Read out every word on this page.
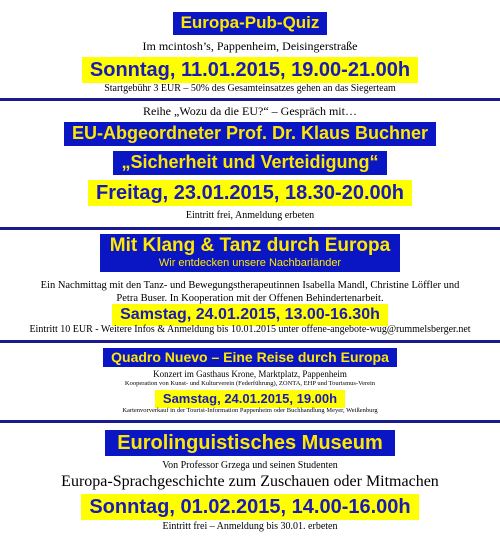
Europa-Pub-Quiz
Im mcintosh’s, Pappenheim, Deisingerstraße
Sonntag, 11.01.2015, 19.00-21.00h
Startgebühr 3 EUR – 50% des Gesamteinsatzes gehen an das Siegerteam
Reihe „Wozu da die EU?“ – Gespräch mit…
EU-Abgeordneter Prof. Dr. Klaus Buchner
„Sicherheit und Verteidigung“
Freitag, 23.01.2015, 18.30-20.00h
Eintritt frei, Anmeldung erbeten
Mit Klang & Tanz durch Europa
Wir entdecken unsere Nachbarländer
Ein Nachmittag mit den Tanz- und Bewegungstherapeutinnen Isabella Mandl, Christine Löffler und Petra Buser. In Kooperation mit der Offenen Behindertenarbeit.
Samstag, 24.01.2015, 13.00-16.30h
Eintritt 10 EUR - Weitere Infos & Anmeldung bis 10.01.2015 unter offene-angebote-wug@rummelsberger.net
Quadro Nuevo – Eine Reise durch Europa
Konzert im Gasthaus Krone, Marktplatz, Pappenheim
Kooperation von Kunst- und Kulturverein (Federführung), ZONTA, EHP und Tourismus-Verein
Samstag, 24.01.2015, 19.00h
Kartenvorverkauf in der Tourist-Information Pappenheim oder Buchhandlung Meyer, Weißenburg
Eurolinguistisches Museum
Von Professor Grzega und seinen Studenten
Europa-Sprachgeschichte zum Zuschauen oder Mitmachen
Sonntag, 01.02.2015, 14.00-16.00h
Eintritt frei – Anmeldung bis 30.01. erbeten
